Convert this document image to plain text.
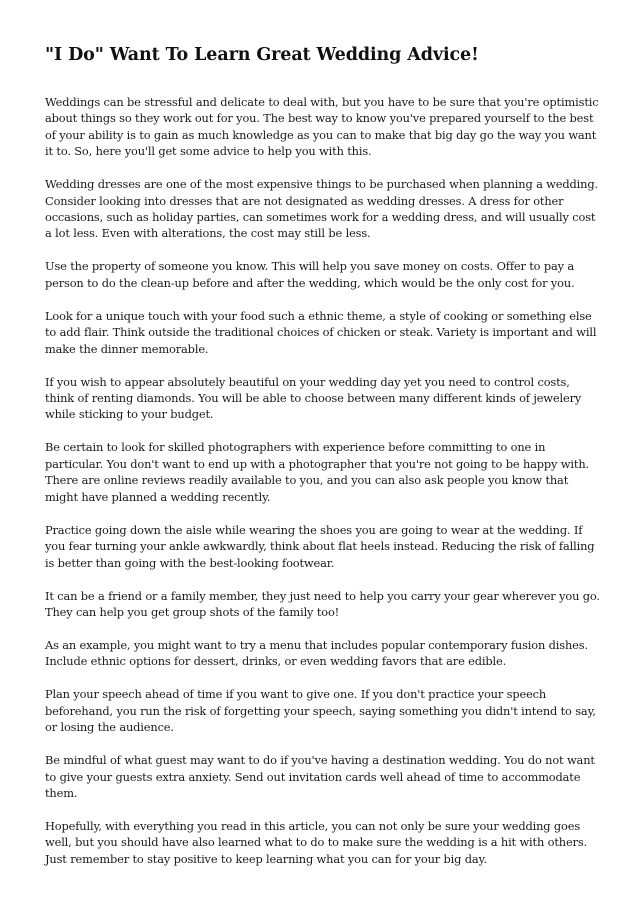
"I Do" Want To Learn Great Wedding Advice!

Weddings can be stressful and delicate to deal with, but you have to be sure that you're optimistic about things so they work out for you. The best way to know you've prepared yourself to the best of your ability is to gain as much knowledge as you can to make that big day go the way you want it to. So, here you'll get some advice to help you with this.

Wedding dresses are one of the most expensive things to be purchased when planning a wedding. Consider looking into dresses that are not designated as wedding dresses. A dress for other occasions, such as holiday parties, can sometimes work for a wedding dress, and will usually cost a lot less. Even with alterations, the cost may still be less.

Use the property of someone you know. This will help you save money on costs. Offer to pay a person to do the clean-up before and after the wedding, which would be the only cost for you.

Look for a unique touch with your food such a ethnic theme, a style of cooking or something else to add flair. Think outside the traditional choices of chicken or steak. Variety is important and will make the dinner memorable.

If you wish to appear absolutely beautiful on your wedding day yet you need to control costs, think of renting diamonds. You will be able to choose between many different kinds of jewelery while sticking to your budget.

Be certain to look for skilled photographers with experience before committing to one in particular. You don't want to end up with a photographer that you're not going to be happy with. There are online reviews readily available to you, and you can also ask people you know that might have planned a wedding recently.

Practice going down the aisle while wearing the shoes you are going to wear at the wedding. If you fear turning your ankle awkwardly, think about flat heels instead. Reducing the risk of falling is better than going with the best-looking footwear.

It can be a friend or a family member, they just need to help you carry your gear wherever you go. They can help you get group shots of the family too!

As an example, you might want to try a menu that includes popular contemporary fusion dishes. Include ethnic options for dessert, drinks, or even wedding favors that are edible.

Plan your speech ahead of time if you want to give one. If you don't practice your speech beforehand, you run the risk of forgetting your speech, saying something you didn't intend to say, or losing the audience.

Be mindful of what guest may want to do if you've having a destination wedding. You do not want to give your guests extra anxiety. Send out invitation cards well ahead of time to accommodate them.

Hopefully, with everything you read in this article, you can not only be sure your wedding goes well, but you should have also learned what to do to make sure the wedding is a hit with others. Just remember to stay positive to keep learning what you can for your big day.
